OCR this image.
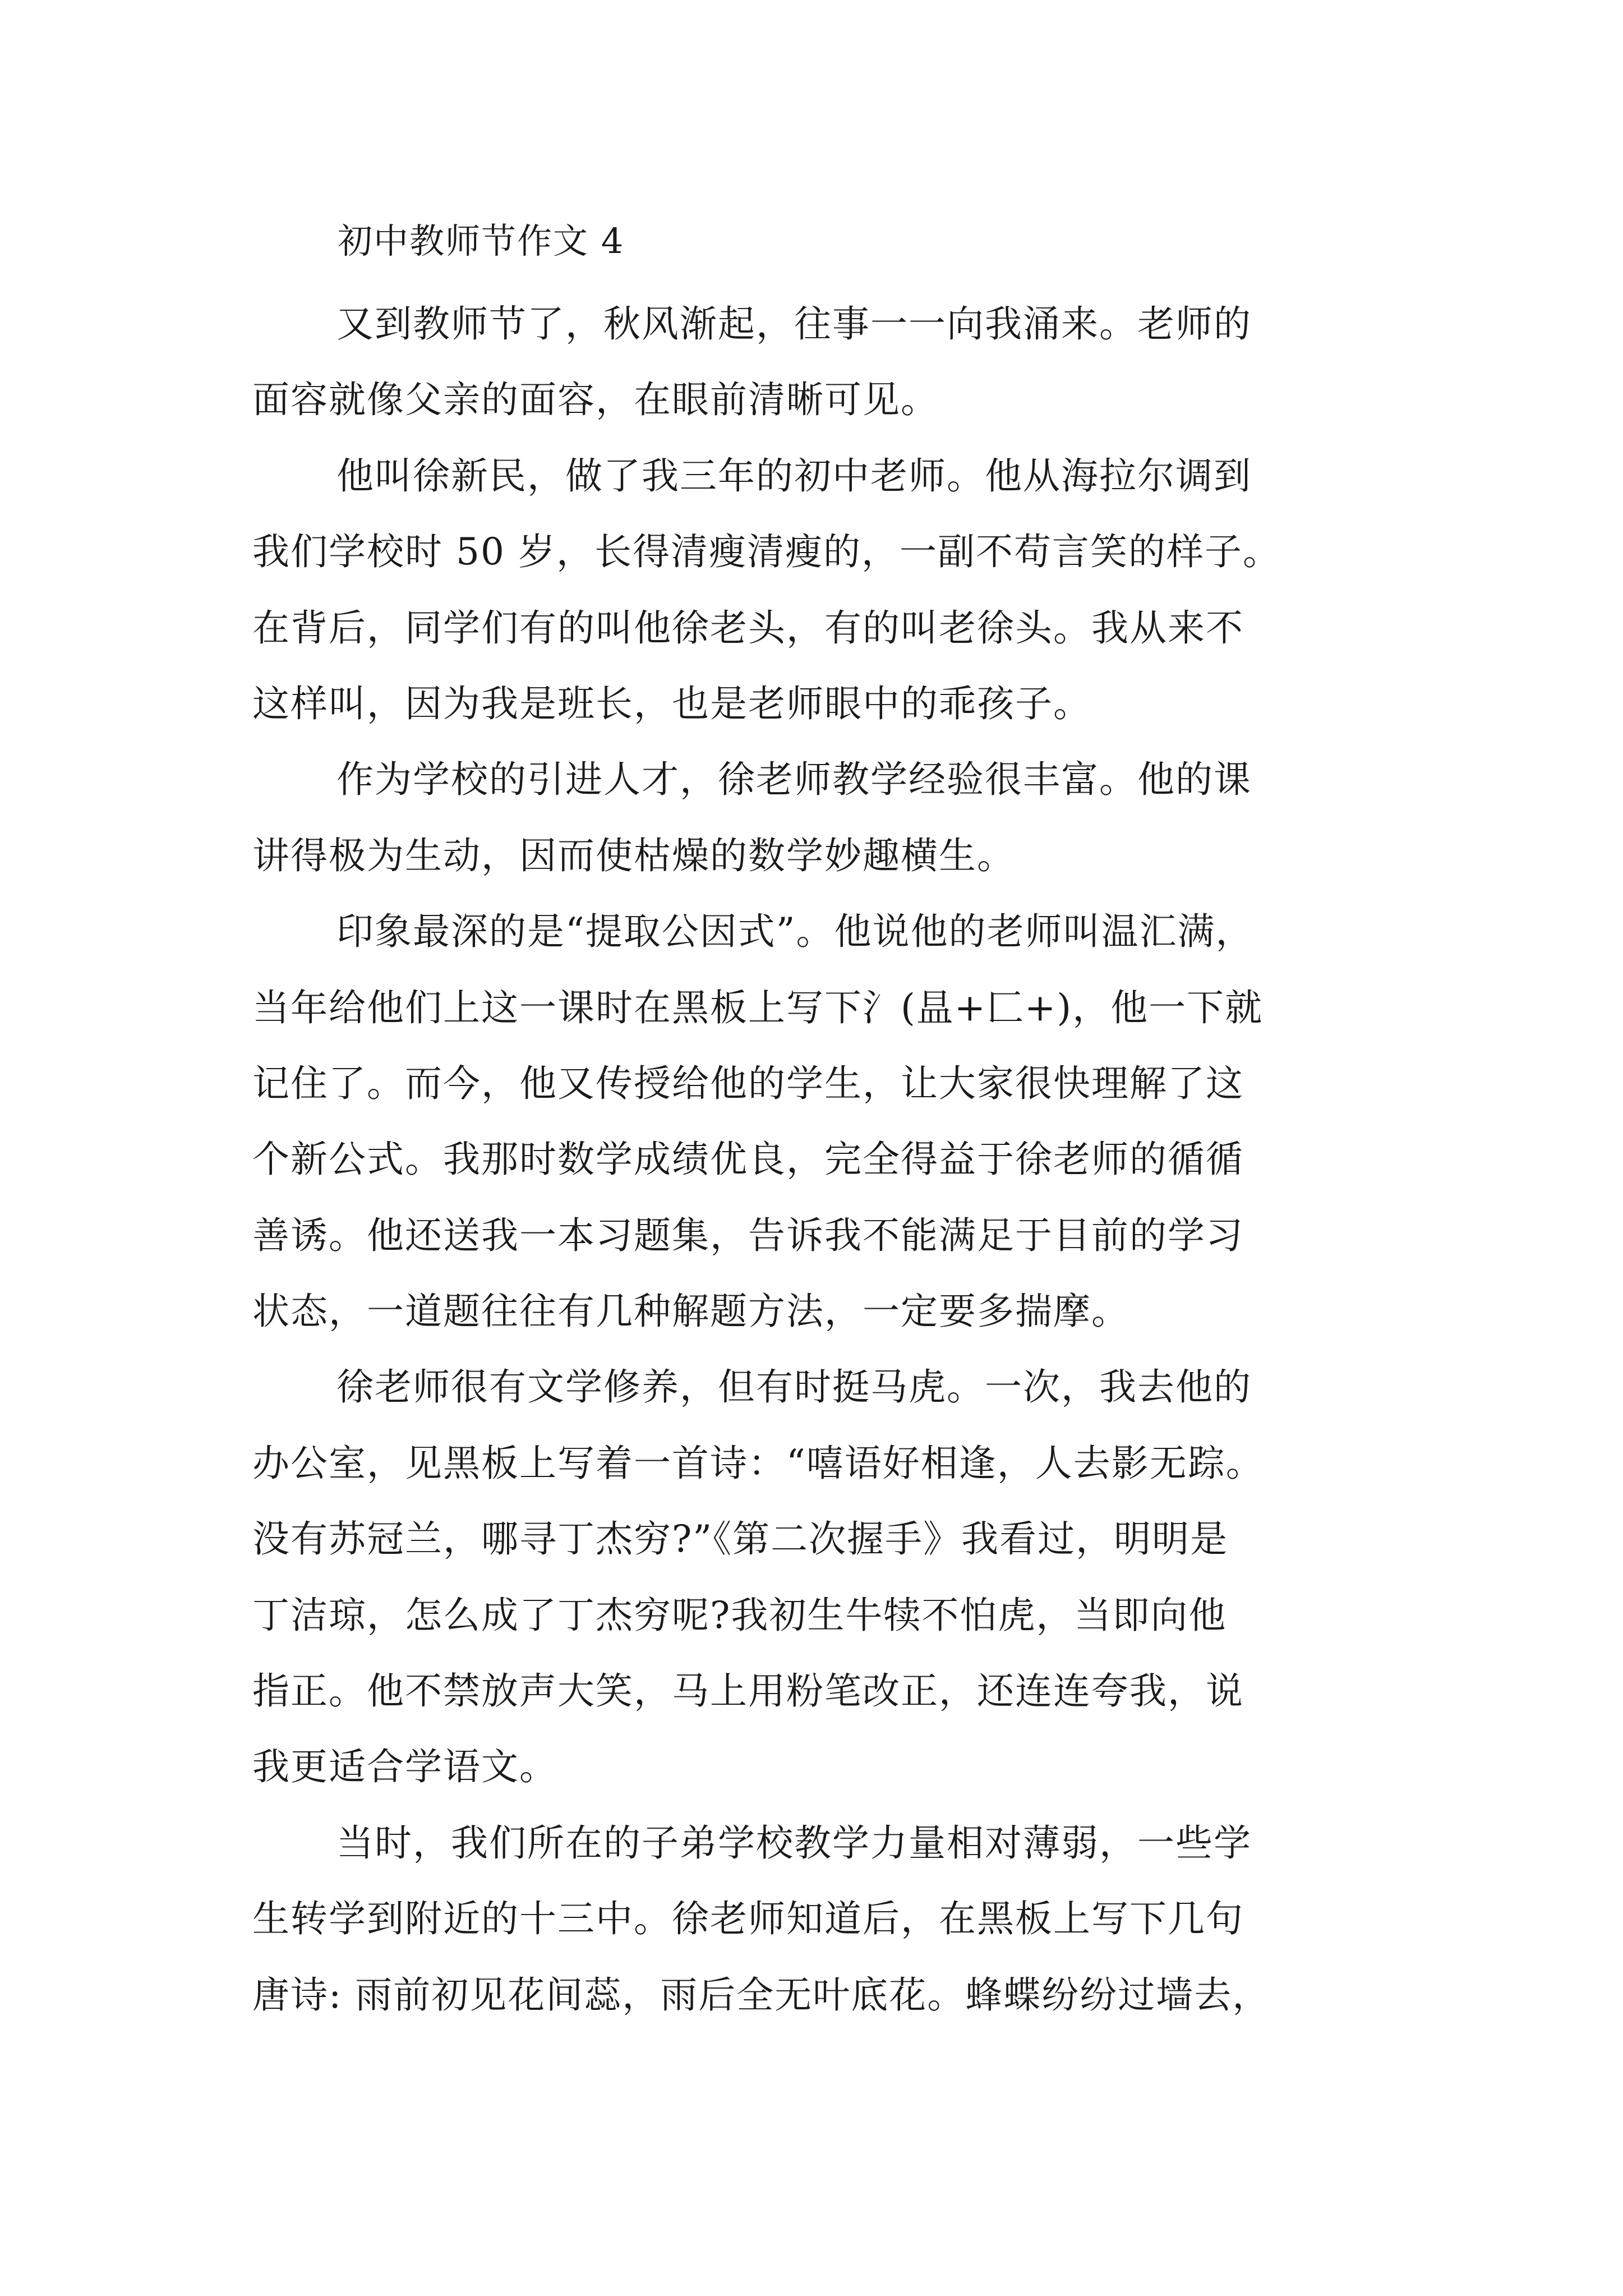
初中教师节作文 4

又到教师节了，秋风渐起，往事一一向我涌来。老师的
面容就像父亲的面容，在眼前清晰可见。

他叫徐新民，做了我三年的初中老师。他从海拉尔调到
我们学校时 50 岁，长得清瘦清瘦的，一副不苟言笑的样子。
在背后，同学们有的叫他徐老头，有的叫老徐头。我从来不
这样叫，因为我是班长，也是老师眼中的乖孩子。

作为学校的引进人才，徐老师教学经验很丰富。他的课
讲得极为生动，因而使枯燥的数学妙趣横生。

印象最深的是“提取公因式”。他说他的老师叫温汇满，
当年给他们上这一课时在黑板上写下氵(昷+匚+)，他一下就
记住了。而今，他又传授给他的学生，让大家很快理解了这
个新公式。我那时数学成绩优良，完全得益于徐老师的循循
善诱。他还送我一本习题集，告诉我不能满足于目前的学习
状态，一道题往往有几种解题方法，一定要多揣摩。

徐老师很有文学修养，但有时挺马虎。一次，我去他的
办公室，见黑板上写着一首诗：“嘻语好相逢，人去影无踪。
没有苏冠兰，哪寻丁杰穷?”《第二次握手》我看过，明明是
丁洁琼，怎么成了丁杰穷呢?我初生牛犊不怕虎，当即向他
指正。他不禁放声大笑，马上用粉笔改正，还连连夸我，说
我更适合学语文。

当时，我们所在的子弟学校教学力量相对薄弱，一些学
生转学到附近的十三中。徐老师知道后，在黑板上写下几句
唐诗: 雨前初见花间蕊，雨后全无叶底花。蜂蝶纷纷过墙去，
